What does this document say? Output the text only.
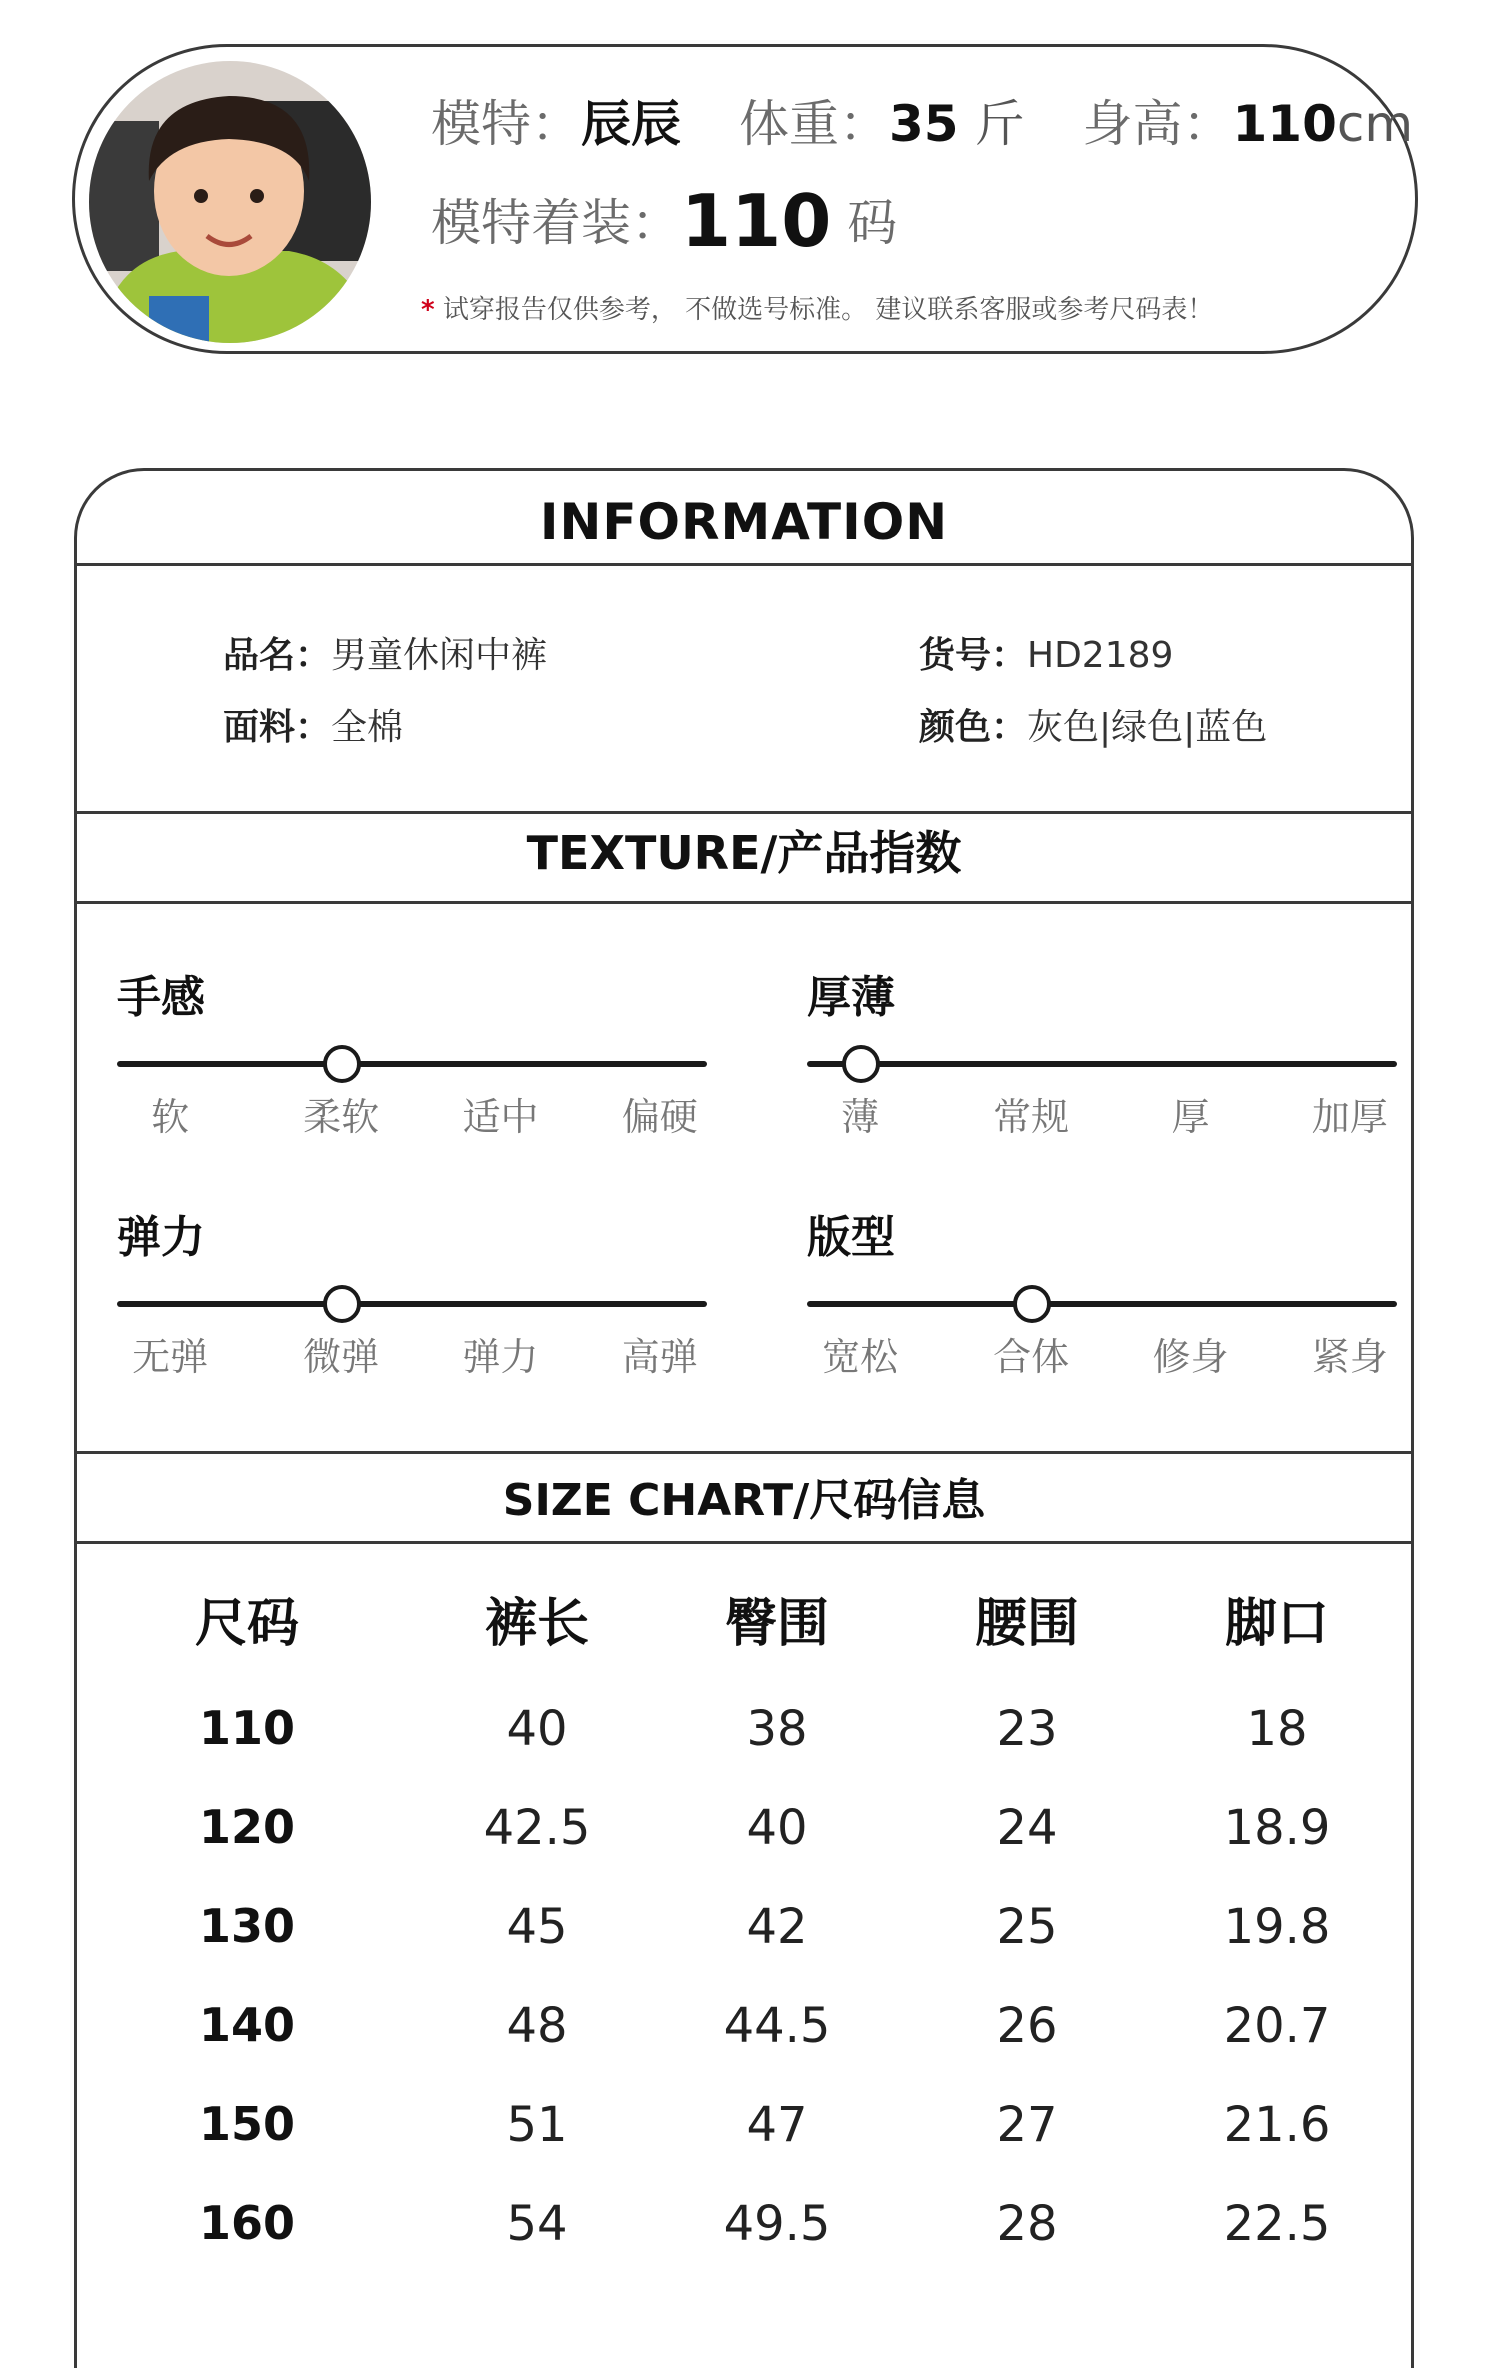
模特：辰辰 体重：35 斤 身高：110cm
模特着装：110 码
* 试穿报告仅供参考， 不做选号标准。 建议联系客服或参考尺码表！
INFORMATION
品名：男童休闲中裤
面料：全棉
货号：HD2189
颜色：灰色|绿色|蓝色
TEXTURE/产品指数
手感
软	柔软 适中 偏硬
厚薄
薄	常规	厚	加厚
弹力
无弹	微弹 弹力 高弹
版型
宽松	合体 修身 紧身
SIZE CHART/尺码信息
尺码	裤长	臀围	腰围	脚口
110	40	38	23	18
120	42.5	40	24	18.9
130	45	42	25	19.8
140	48	44.5	26	20.7
150	51	47	27	21.6
160	54	49.5	28	22.5
